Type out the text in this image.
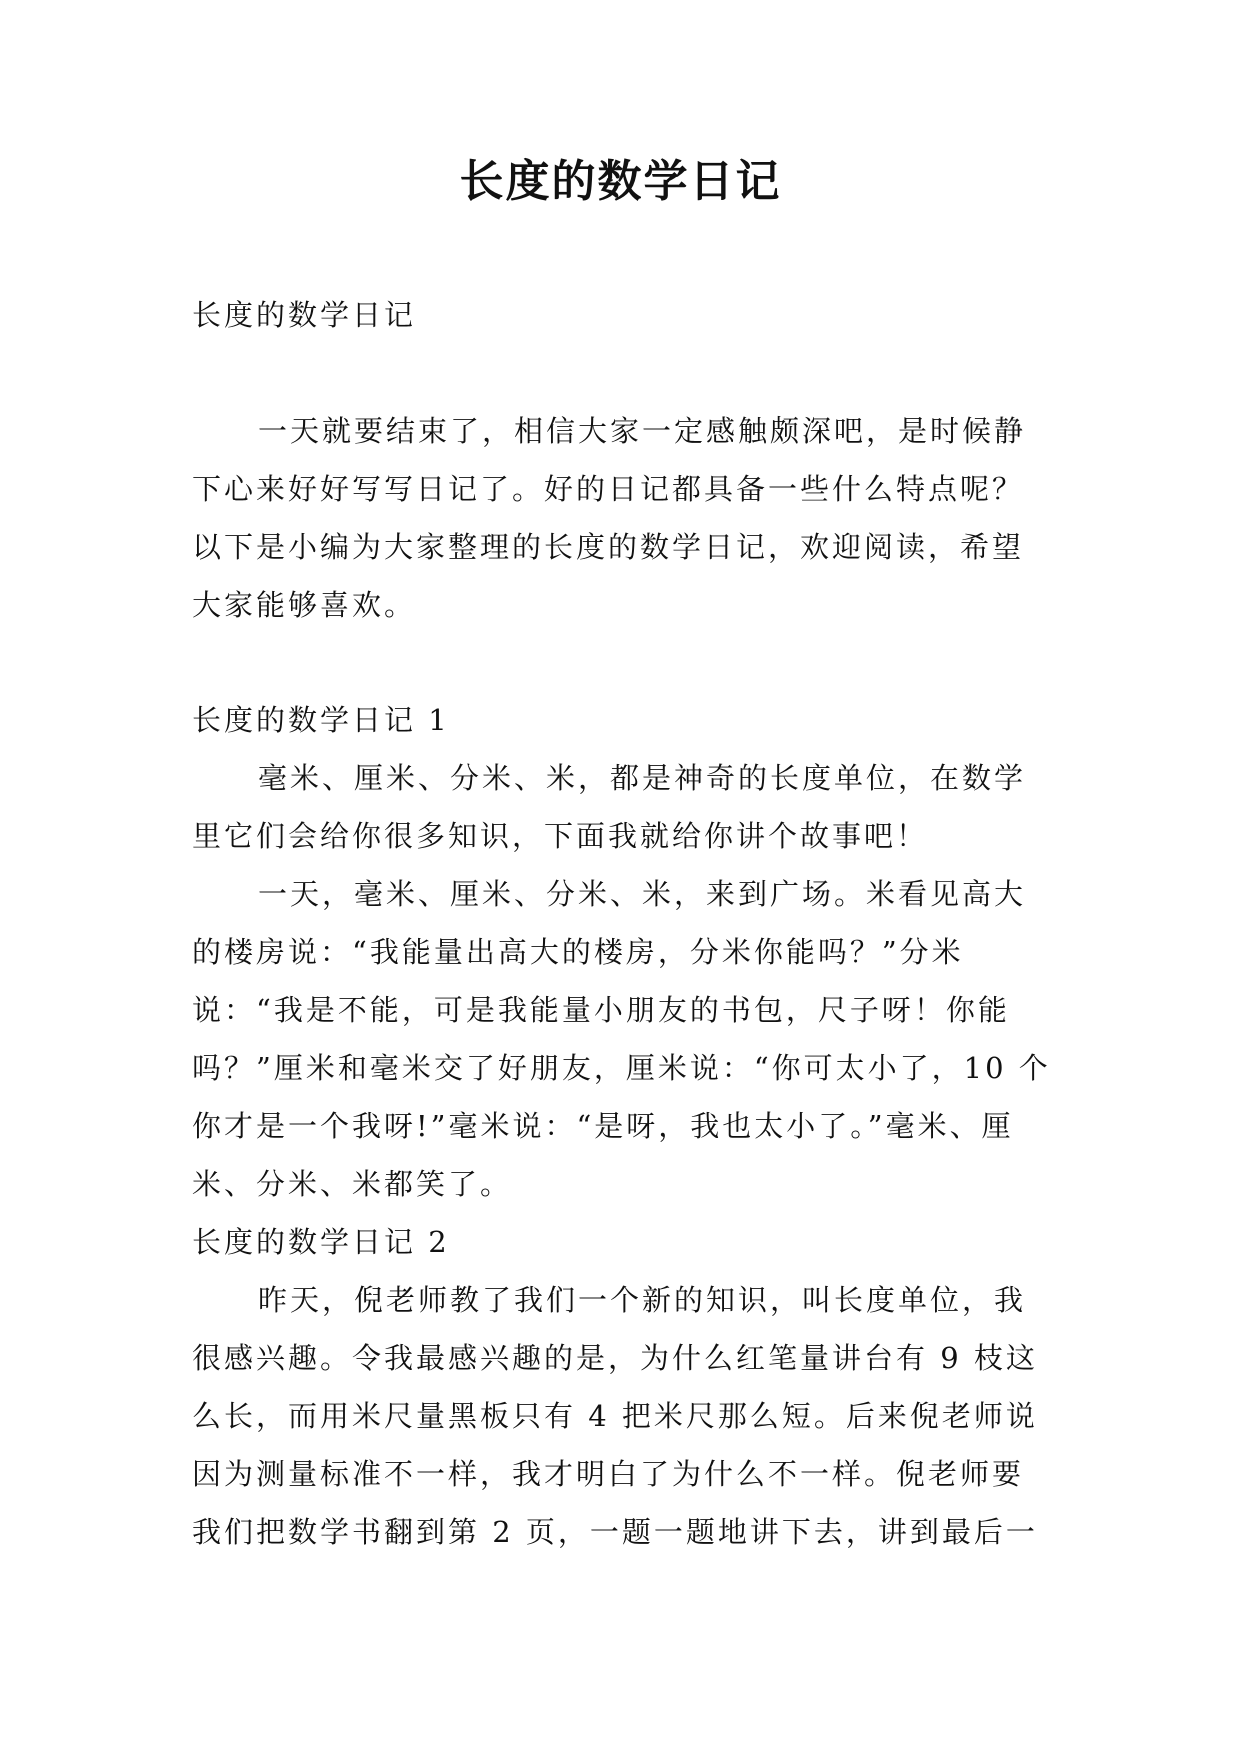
长度的数学日记

长度的数学日记

一天就要结束了，相信大家一定感触颇深吧，是时候静下心来好好写写日记了。好的日记都具备一些什么特点呢？以下是小编为大家整理的长度的数学日记，欢迎阅读，希望大家能够喜欢。

长度的数学日记 1

毫米、厘米、分米、米，都是神奇的长度单位，在数学里它们会给你很多知识，下面我就给你讲个故事吧！

一天，毫米、厘米、分米、米，来到广场。米看见高大的楼房说：“我能量出高大的楼房，分米你能吗？”分米说：“我是不能，可是我能量小朋友的书包，尺子呀！你能吗？”厘米和毫米交了好朋友，厘米说：“你可太小了，10 个你才是一个我呀!”毫米说：“是呀，我也太小了。”毫米、厘米、分米、米都笑了。

长度的数学日记 2

昨天，倪老师教了我们一个新的知识，叫长度单位，我很感兴趣。令我最感兴趣的是，为什么红笔量讲台有 9 枝这么长，而用米尺量黑板只有 4 把米尺那么短。后来倪老师说因为测量标准不一样，我才明白了为什么不一样。倪老师要我们把数学书翻到第 2 页，一题一题地讲下去，讲到最后一
